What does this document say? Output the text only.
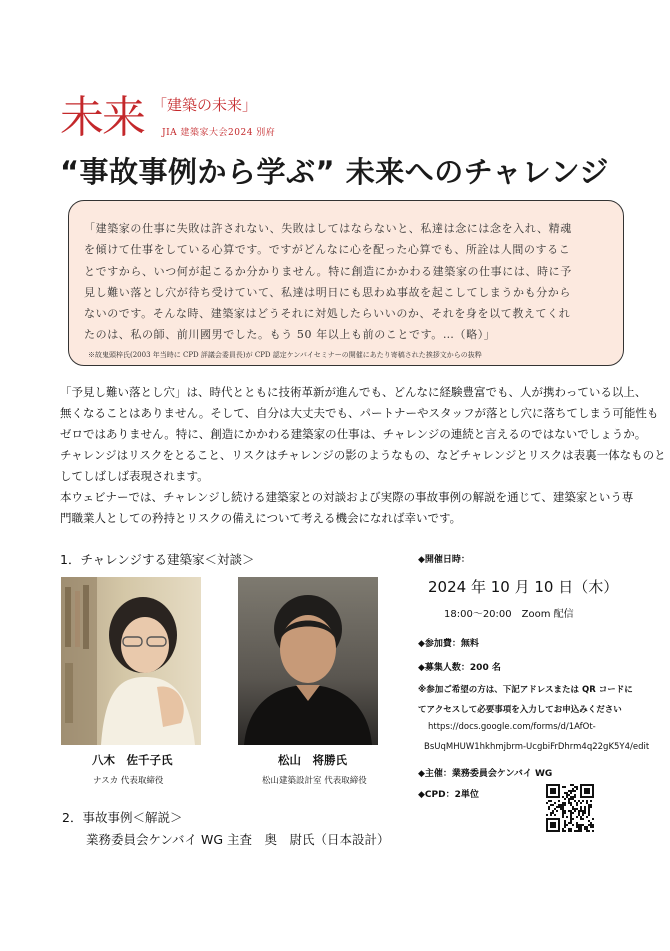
未来 「建築の未来」
JIA 建築家大会2024 別府
“事故事例から学ぶ” 未来へのチャレンジ
「建築家の仕事に失敗は許されない、失敗はしてはならないと、私達は念には念を入れ、精魂
を傾けて仕事をしている心算です。ですがどんなに心を配った心算でも、所詮は人間のするこ
とですから、いつ何が起こるか分かりません。特に創造にかかわる建築家の仕事には、時に予
見し難い落とし穴が待ち受けていて、私達は明日にも思わぬ事故を起こしてしまうかも分から
ないのです。そんな時、建築家はどうそれに対処したらいいのか、それを身を以て教えてくれ
たのは、私の師、前川國男でした。もう 50 年以上も前のことです。…（略）」
※故鬼頭梓氏(2003 年当時に CPD 評議会委員長)が CPD 認定ケンバイセミナーの開催にあたり寄稿された挨拶文からの抜粋
「予見し難い落とし穴」は、時代とともに技術革新が進んでも、どんなに経験豊富でも、人が携わっている以上、
無くなることはありません。そして、自分は大丈夫でも、パートナーやスタッフが落とし穴に落ちてしまう可能性も
ゼロではありません。特に、創造にかかわる建築家の仕事は、チャレンジの連続と言えるのではないでしょうか。
チャレンジはリスクをとること、リスクはチャレンジの影のようなもの、などチャレンジとリスクは表裏一体なものと
してしばしば表現されます。
本ウェビナーでは、チャレンジし続ける建築家との対談および実際の事故事例の解説を通じて、建築家という専
門職業人としての矜持とリスクの備えについて考える機会になれば幸いです。
1．チャレンジする建築家＜対談＞
八木　佐千子氏
ナスカ 代表取締役
松山　将勝氏
松山建築設計室 代表取締役
2．事故事例＜解説＞
業務委員会ケンバイ WG 主査　奥　尉氏（日本設計）
◆開催日時：
2024 年 10 月 10 日（木）
18:00～20:00　Zoom 配信
◆参加費：無料
◆募集人数：200 名
※参加ご希望の方は、下記アドレスまたは QR コードに
てアクセスして必要事項を入力してお申込みください
https://docs.google.com/forms/d/1AfOt-
BsUqMHUW1hkhmjbrm-UcgbiFrDhrm4q22gK5Y4/edit
◆主催：業務委員会ケンバイ WG
◆CPD：2単位
